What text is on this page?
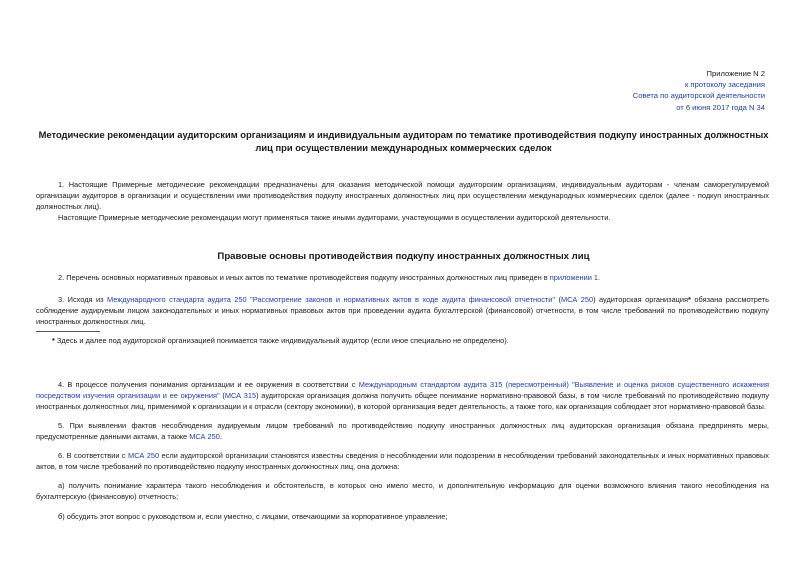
Приложение N 2
к протоколу заседания
Совета по аудиторской деятельности
от 6 июня 2017 года N 34
Методические рекомендации аудиторским организациям и индивидуальным аудиторам по тематике противодействия подкупу иностранных должностных лиц при осуществлении международных коммерческих сделок
1. Настоящие Примерные методические рекомендации предназначены для оказания методической помощи аудиторским организациям, индивидуальным аудиторам - членам саморегулируемой организации аудиторов в организации и осуществлении ими противодействия подкупу иностранных должностных лиц при осуществлении международных коммерческих сделок (далее - подкуп иностранных должностных лиц).
Настоящие Примерные методические рекомендации могут применяться также иными аудиторами, участвующими в осуществлении аудиторской деятельности.
Правовые основы противодействия подкупу иностранных должностных лиц
2. Перечень основных нормативных правовых и иных актов по тематике противодействия подкупу иностранных должностных лиц приведен в приложении 1.
3. Исходя из Международного стандарта аудита 250 "Рассмотрение законов и нормативных актов в ходе аудита финансовой отчетности" (МСА 250) аудиторская организация* обязана рассмотреть соблюдение аудируемым лицом законодательных и иных нормативных правовых актов при проведении аудита бухгалтерской (финансовой) отчетности, в том числе требований по противодействию подкупу иностранных должностных лиц.
* Здесь и далее под аудиторской организацией понимается также индивидуальный аудитор (если иное специально не определено).
4. В процессе получения понимания организации и ее окружения в соответствии с Международным стандартом аудита 315 (пересмотренный) "Выявление и оценка рисков существенного искажения посредством изучения организации и ее окружения" (МСА 315) аудиторская организация должна получить общее понимание нормативно-правовой базы, в том числе требований по противодействию подкупу иностранных должностных лиц, применимой к организации и к отрасли (сектору экономики), в которой организация ведет деятельность, а также того, как организация соблюдает этот нормативно-правовой базы.
5. При выявлении фактов несоблюдения аудируемым лицом требований по противодействию подкупу иностранных должностных лиц аудиторская организация обязана предпринять меры, предусмотренные данными актами, а также МСА 250.
6. В соответствии с МСА 250 если аудиторской организации становятся известны сведения о несоблюдении или подозрении в несоблюдении требований законодательных и иных нормативных правовых актов, в том числе требований по противодействию подкупу иностранных должностных лиц, она должна:
а) получить понимание характера такого несоблюдения и обстоятельств, в которых оно имело место, и дополнительную информацию для оценки возможного влияния такого несоблюдения на бухгалтерскую (финансовую) отчетность;
б) обсудить этот вопрос с руководством и, если уместно, с лицами, отвечающими за корпоративное управление;
